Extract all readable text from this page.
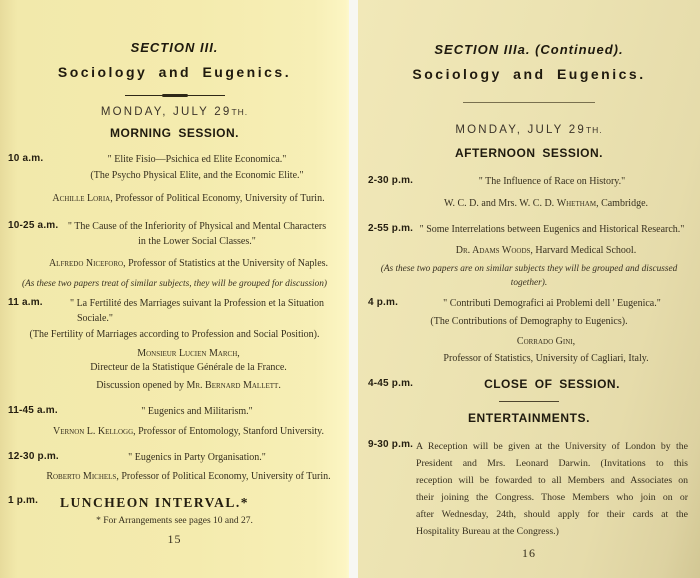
SECTION III.
Sociology and Eugenics.
MONDAY, JULY 29TH.
MORNING SESSION.
10 a.m.	" Elite Fisio—Psichica ed Elite Economica."
(The Psycho Physical Elite, and the Economic Elite."
Achille Loria, Professor of Political Economy, University of Turin.
10-25 a.m. " The Cause of the Inferiority of Physical and Mental Characters
in the Lower Social Classes."
Alfredo Niceforo, Professor of Statistics at the University of Naples.
(As these two papers treat of similar subjects, they will be grouped for discussion)
11 a.m.	" La Fertilité des Marriages suivant la Profession et la Situation
Sociale."
(The Fertility of Marriages according to Profession and Social Position).
Monsieur Lucien March,
Directeur de la Statistique Générale de la France.
Discussion opened by Mr. Bernard Mallett.
11-45 a.m.	" Eugenics and Militarism."
Vernon L. Kellogg, Professor of Entomology, Stanford University.
12-30 p.m.	" Eugenics in Party Organisation."
Roberto Michels, Professor of Political Economy, University of Turin.
1 p.m.	LUNCHEON INTERVAL.*
* For Arrangements see pages 10 and 27.
15
SECTION IIIa. (Continued).
Sociology and Eugenics.
MONDAY, JULY 29TH.
AFTERNOON SESSION.
2-30 p.m.	" The Influence of Race on History."
W. C. D. and Mrs. W. C. D. Whetham, Cambridge.
2-55 p.m. " Some Interrelations between Eugenics and Historical Research."
Dr. Adams Woods, Harvard Medical School.
(As these two papers are on similar subjects they will be grouped and discussed
together).
4 p.m.	" Contributi Demografici ai Problemi dell ' Eugenica."
(The Contributions of Demography to Eugenics).
Corrado Gini,
Professor of Statistics, University of Cagliari, Italy.
4-45 p.m.	CLOSE OF SESSION.
ENTERTAINMENTS.
9-30 p.m. A Reception will be given at the University of London by the
President and Mrs. Leonard Darwin. (Invitations to this
reception will be fowarded to all Members and Associates on
their joining the Congress. Those Members who join on or
after Wednesday, 24th, should apply for their cards at the
Hospitality Bureau at the Congress.)
16
